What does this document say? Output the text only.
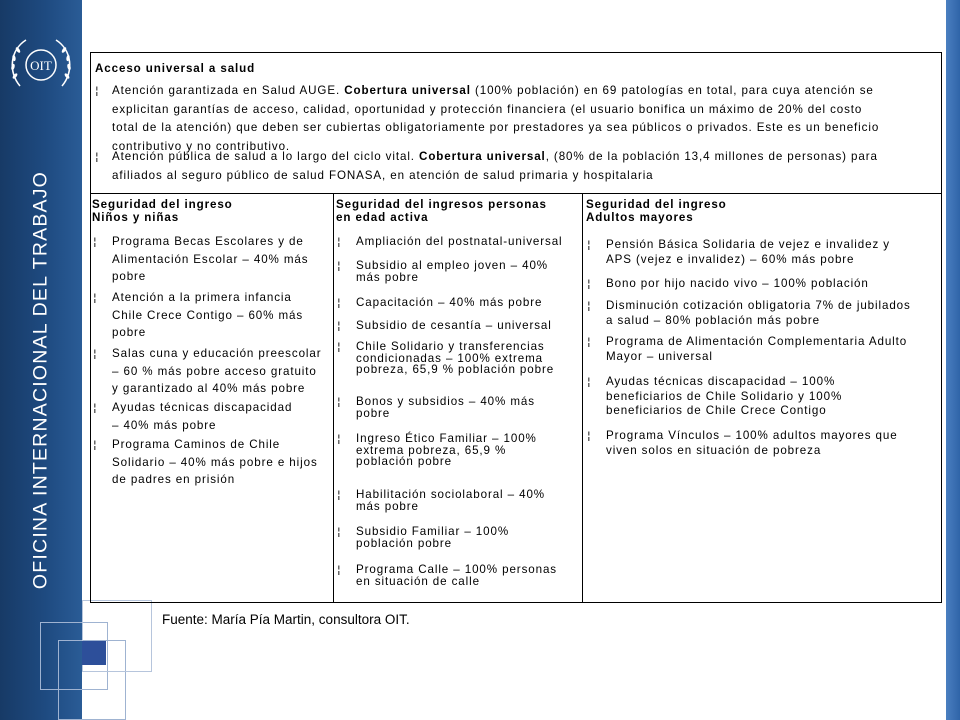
OIT
OFICINA INTERNACIONAL DEL TRABAJO
Acceso universal a salud
¦ Atención garantizada en Salud AUGE. Cobertura universal (100% población) en 69 patologías en total, para cuya atención se
explicitan garantías de acceso, calidad, oportunidad y protección financiera (el usuario bonifica un máximo de 20% del costo
total de la atención) que deben ser cubiertas obligatoriamente por prestadores ya sea públicos o privados. Este es un beneficio
contributivo y no contributivo.
¦ Atención pública de salud a lo largo del ciclo vital. Cobertura universal, (80% de la población 13,4 millones de personas) para
afiliados al seguro público de salud FONASA, en atención de salud primaria y hospitalaria
Seguridad del ingreso
Niños y niñas
¦ Programa Becas Escolares y de
Alimentación Escolar – 40% más
pobre
¦ Atención a la primera infancia
Chile Crece Contigo – 60% más
pobre
¦ Salas cuna y educación preescolar
– 60 % más pobre acceso gratuito
y garantizado al 40% más pobre
¦ Ayudas técnicas discapacidad
– 40% más pobre
¦ Programa Caminos de Chile
Solidario – 40% más pobre e hijos
de padres en prisión
Seguridad del ingresos personas
en edad activa
¦ Ampliación del postnatal-universal
¦ Subsidio al empleo joven – 40%
más pobre
¦ Capacitación – 40% más pobre
¦ Subsidio de cesantía – universal
¦ Chile Solidario y transferencias
condicionadas – 100% extrema
pobreza, 65,9 % población pobre
¦ Bonos y subsidios – 40% más
pobre
¦ Ingreso Ético Familiar – 100%
extrema pobreza, 65,9 %
población pobre
¦ Habilitación sociolaboral – 40%
más pobre
¦ Subsidio Familiar – 100%
población pobre
¦ Programa Calle – 100% personas
en situación de calle
Seguridad del ingreso
Adultos mayores
¦ Pensión Básica Solidaria de vejez e invalidez y
APS (vejez e invalidez) – 60% más pobre
¦ Bono por hijo nacido vivo – 100% población
¦ Disminución cotización obligatoria 7% de jubilados
a salud – 80% población más pobre
¦ Programa de Alimentación Complementaria Adulto
Mayor – universal
¦ Ayudas técnicas discapacidad – 100%
beneficiarios de Chile Solidario y 100%
beneficiarios de Chile Crece Contigo
¦ Programa Vínculos – 100% adultos mayores que
viven solos en situación de pobreza
Fuente: María Pía Martin, consultora OIT.
